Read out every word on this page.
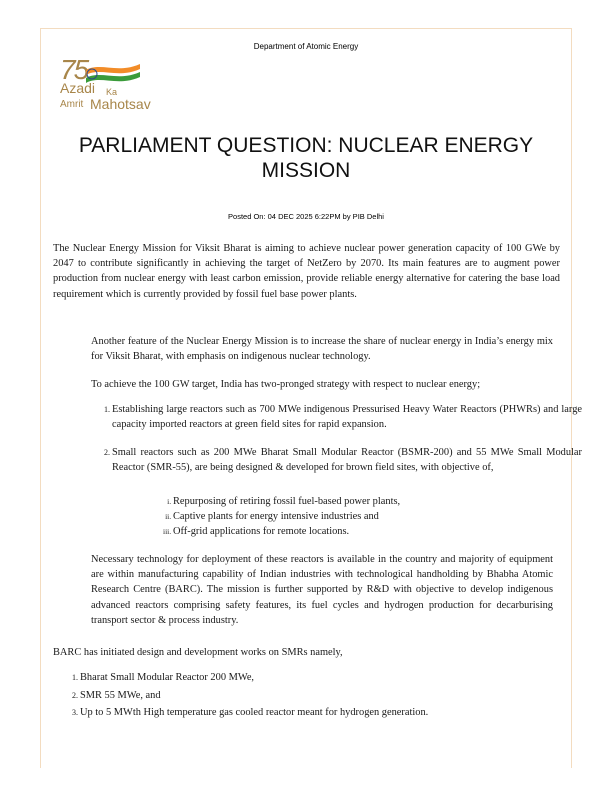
Department of Atomic Energy
75
Azadi Ka
Amrit Mahotsav
PARLIAMENT QUESTION: NUCLEAR ENERGY MISSION
Posted On: 04 DEC 2025 6:22PM by PIB Delhi
The Nuclear Energy Mission for Viksit Bharat is aiming to achieve nuclear power generation capacity of 100 GWe by 2047 to contribute significantly in achieving the target of NetZero by 2070. Its main features are to augment power production from nuclear energy with least carbon emission, provide reliable energy alternative for catering the base load requirement which is currently provided by fossil fuel base power plants.
Another feature of the Nuclear Energy Mission is to increase the share of nuclear energy in India’s energy mix for Viksit Bharat, with emphasis on indigenous nuclear technology.
To achieve the 100 GW target, India has two-pronged strategy with respect to nuclear energy;
1. Establishing large reactors such as 700 MWe indigenous Pressurised Heavy Water Reactors (PHWRs) and large capacity imported reactors at green field sites for rapid expansion.
2. Small reactors such as 200 MWe Bharat Small Modular Reactor (BSMR-200) and 55 MWe Small Modular Reactor (SMR-55), are being designed & developed for brown field sites, with objective of,
i. Repurposing of retiring fossil fuel-based power plants,
ii. Captive plants for energy intensive industries and
iii. Off-grid applications for remote locations.
Necessary technology for deployment of these reactors is available in the country and majority of equipment are within manufacturing capability of Indian industries with technological handholding by Bhabha Atomic Research Centre (BARC). The mission is further supported by R&D with objective to develop indigenous advanced reactors comprising safety features, its fuel cycles and hydrogen production for decarburising transport sector & process industry.
BARC has initiated design and development works on SMRs namely,
1. Bharat Small Modular Reactor 200 MWe,
2. SMR 55 MWe, and
3. Up to 5 MWth High temperature gas cooled reactor meant for hydrogen generation.
